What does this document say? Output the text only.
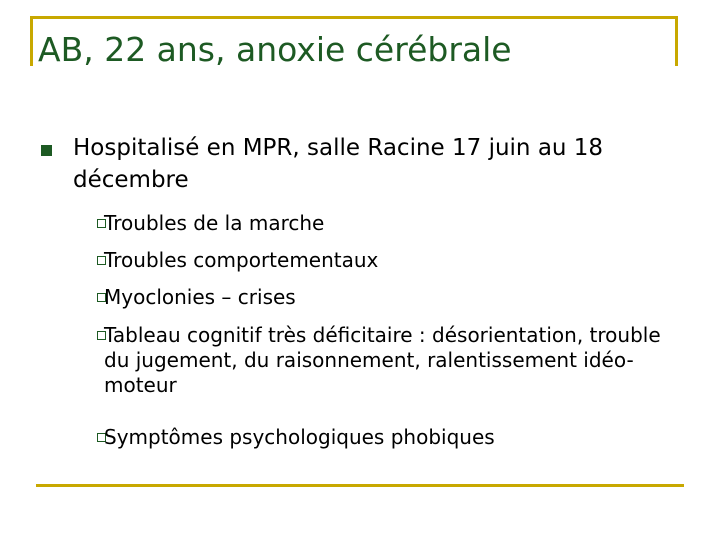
AB, 22 ans, anoxie cérébrale
Hospitalisé en MPR, salle Racine 17 juin au 18 décembre
Troubles de la marche
Troubles comportementaux
Myoclonies – crises
Tableau cognitif très déficitaire : désorientation, trouble du jugement, du raisonnement, ralentissement idéo-moteur
Symptômes psychologiques phobiques
